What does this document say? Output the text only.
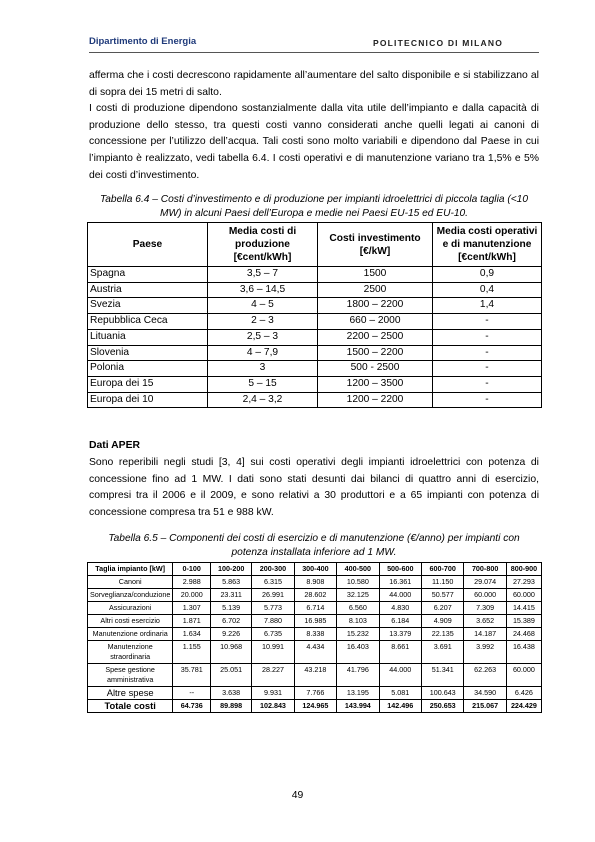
Dipartimento di Energia	POLITECNICO DI MILANO

afferma che i costi decrescono rapidamente all’aumentare del salto disponibile e si stabilizzano al di sopra dei 15 metri di salto.

I costi di produzione dipendono sostanzialmente dalla vita utile dell’impianto e dalla capacità di produzione dello stesso, tra questi costi vanno considerati anche quelli legati ai canoni di concessione per l’utilizzo dell’acqua. Tali costi sono molto variabili e dipendono dal Paese in cui l’impianto è realizzato, vedi tabella 6.4. I costi operativi e di manutenzione variano tra 1,5% e 5% dei costi d’investimento.

Tabella 6.4 – Costi d’investimento e di produzione per impianti idroelettrici di piccola taglia (<10 MW) in alcuni Paesi dell’Europa e medie nei Paesi EU-15 ed EU-10.
Paese	Media costi di produzione [€cent/kWh]	Costi investimento [€/kW]	Media costi operativi e di manutenzione [€cent/kWh]
Spagna	3,5 – 7	1500	0,9
Austria	3,6 – 14,5	2500	0,4
Svezia	4 – 5	1800 – 2200	1,4
Repubblica Ceca	2 – 3	660 – 2000	-
Lituania	2,5 – 3	2200 – 2500	-
Slovenia	4 – 7,9	1500 – 2200	-
Polonia	3	500 - 2500	-
Europa dei 15	5 – 15	1200 – 3500	-
Europa dei 10	2,4 – 3,2	1200 – 2200	-
Dati APER
Sono reperibili negli studi [3, 4] sui costi operativi degli impianti idroelettrici con potenza di concessione fino ad 1 MW. I dati sono stati desunti dai bilanci di quattro anni di esercizio, compresi tra il 2006 e il 2009, e sono relativi a 30 produttori e a 65 impianti con potenza di concessione compresa tra 51 e 988 kW.
Tabella 6.5 – Componenti dei costi di esercizio e di manutenzione (€/anno) per impianti con potenza installata inferiore ad 1 MW.
Taglia impianto [kW]	0-100	100-200	200-300	300-400	400-500	500-600	600-700	700-800	800-900
Canoni	2.988	5.863	6.315	8.908	10.580	16.361	11.150	29.074	27.293
Sorveglianza/conduzione	20.000	23.311	26.991	28.602	32.125	44.000	50.577	60.000	60.000
Assicurazioni	1.307	5.139	5.773	6.714	6.560	4.830	6.207	7.309	14.415
Altri costi esercizio	1.871	6.702	7.880	16.985	8.103	6.184	4.909	3.652	15.389
Manutenzione ordinaria	1.634	9.226	6.735	8.338	15.232	13.379	22.135	14.187	24.468
Manutenzione straordinaria	1.155	10.968	10.991	4.434	16.403	8.661	3.691	3.992	16.438
Spese gestione amministrativa	35.781	25.051	28.227	43.218	41.796	44.000	51.341	62.263	60.000
Altre spese	--	3.638	9.931	7.766	13.195	5.081	100.643	34.590	6.426
Totale costi	64.736	89.898	102.843	124.965	143.994	142.496	250.653	215.067	224.429
49
